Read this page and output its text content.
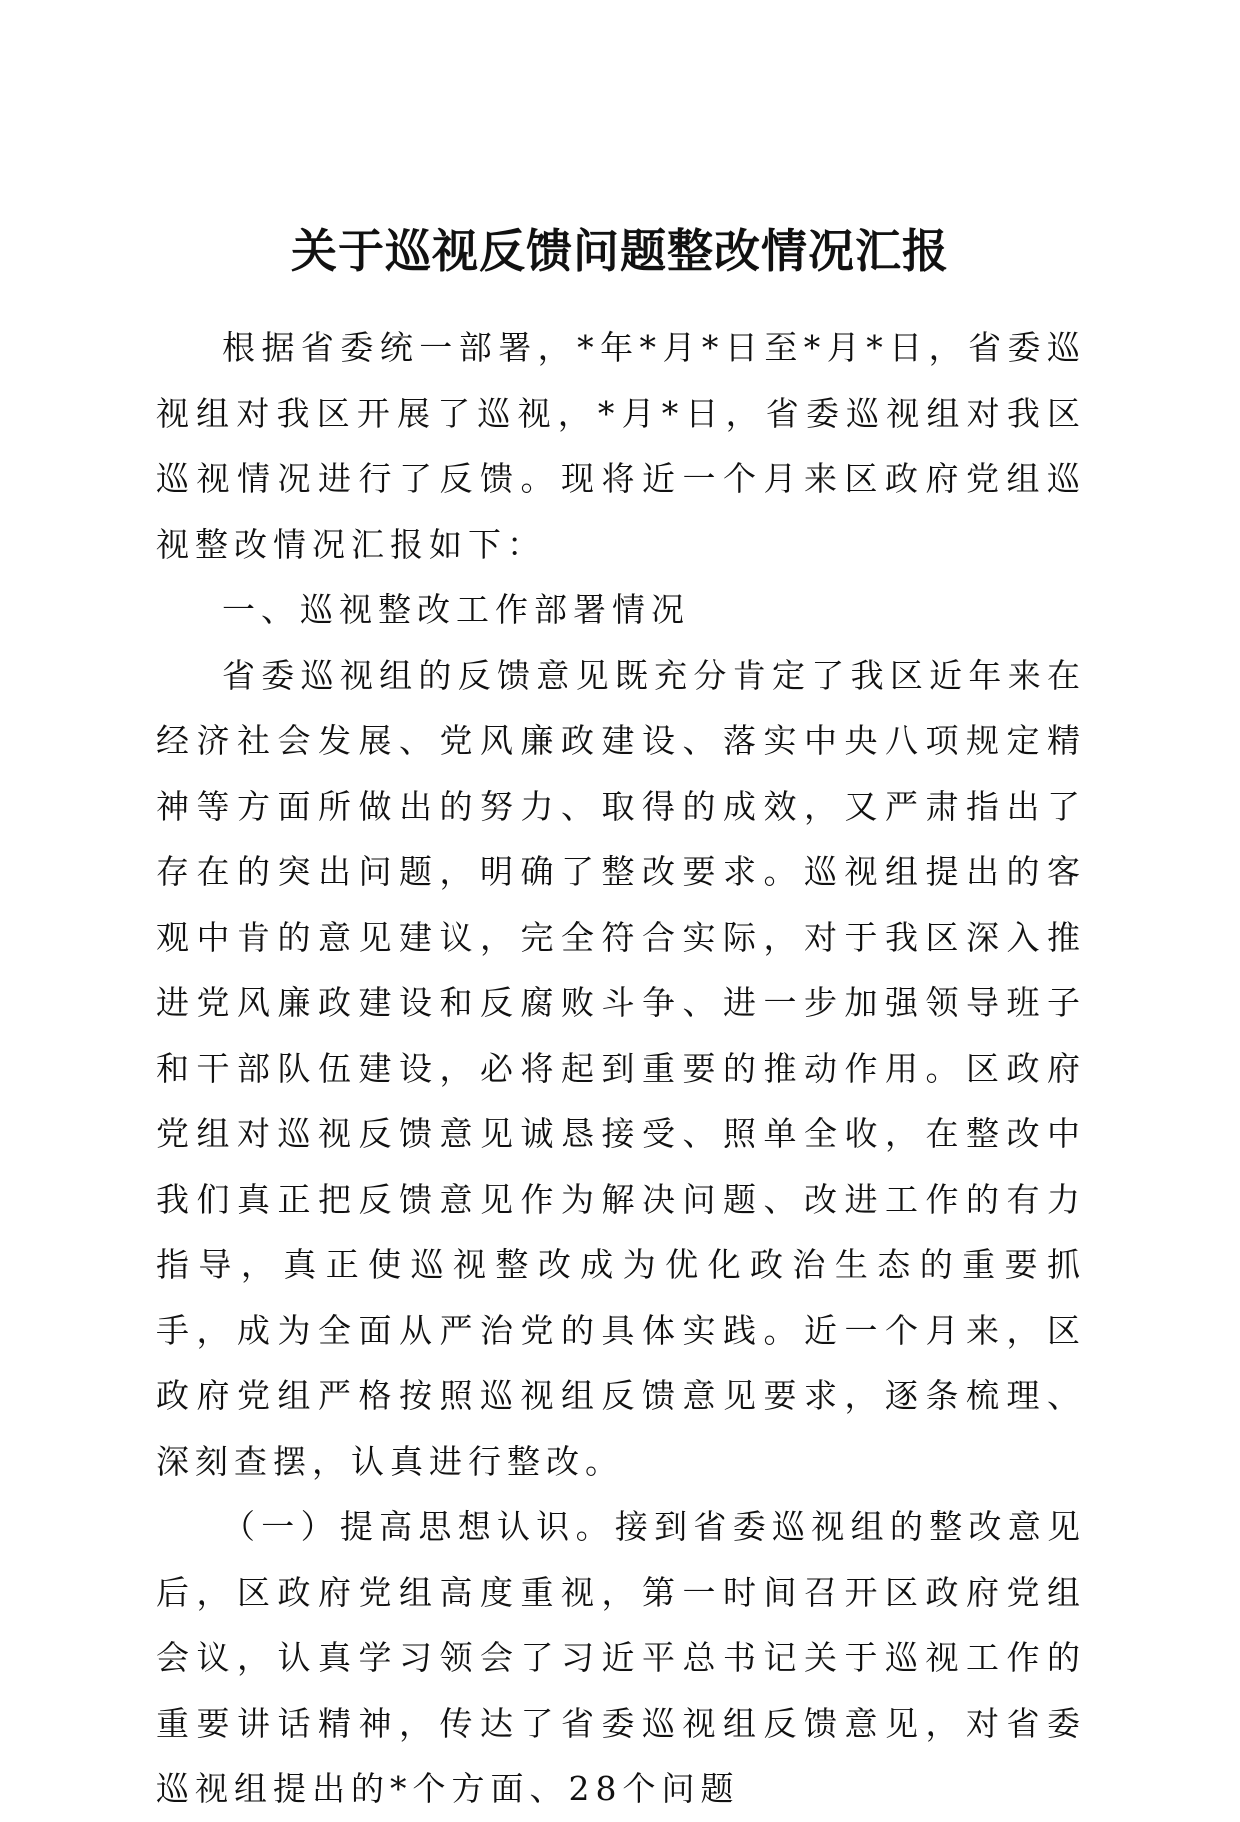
关于巡视反馈问题整改情况汇报

根据省委统一部署，*年*月*日至*月*日，省委巡视组对我区开展了巡视，*月*日，省委巡视组对我区巡视情况进行了反馈。现将近一个月来区政府党组巡视整改情况汇报如下：

一、巡视整改工作部署情况

省委巡视组的反馈意见既充分肯定了我区近年来在经济社会发展、党风廉政建设、落实中央八项规定精神等方面所做出的努力、取得的成效，又严肃指出了存在的突出问题，明确了整改要求。巡视组提出的客观中肯的意见建议，完全符合实际，对于我区深入推进党风廉政建设和反腐败斗争、进一步加强领导班子和干部队伍建设，必将起到重要的推动作用。区政府党组对巡视反馈意见诚恳接受、照单全收，在整改中我们真正把反馈意见作为解决问题、改进工作的有力指导，真正使巡视整改成为优化政治生态的重要抓手，成为全面从严治党的具体实践。近一个月来，区政府党组严格按照巡视组反馈意见要求，逐条梳理、深刻查摆，认真进行整改。

（一）提高思想认识。接到省委巡视组的整改意见后，区政府党组高度重视，第一时间召开区政府党组会议，认真学习领会了习近平总书记关于巡视工作的重要讲话精神，传达了省委巡视组反馈意见，对省委巡视组提出的*个方面、28个问题
